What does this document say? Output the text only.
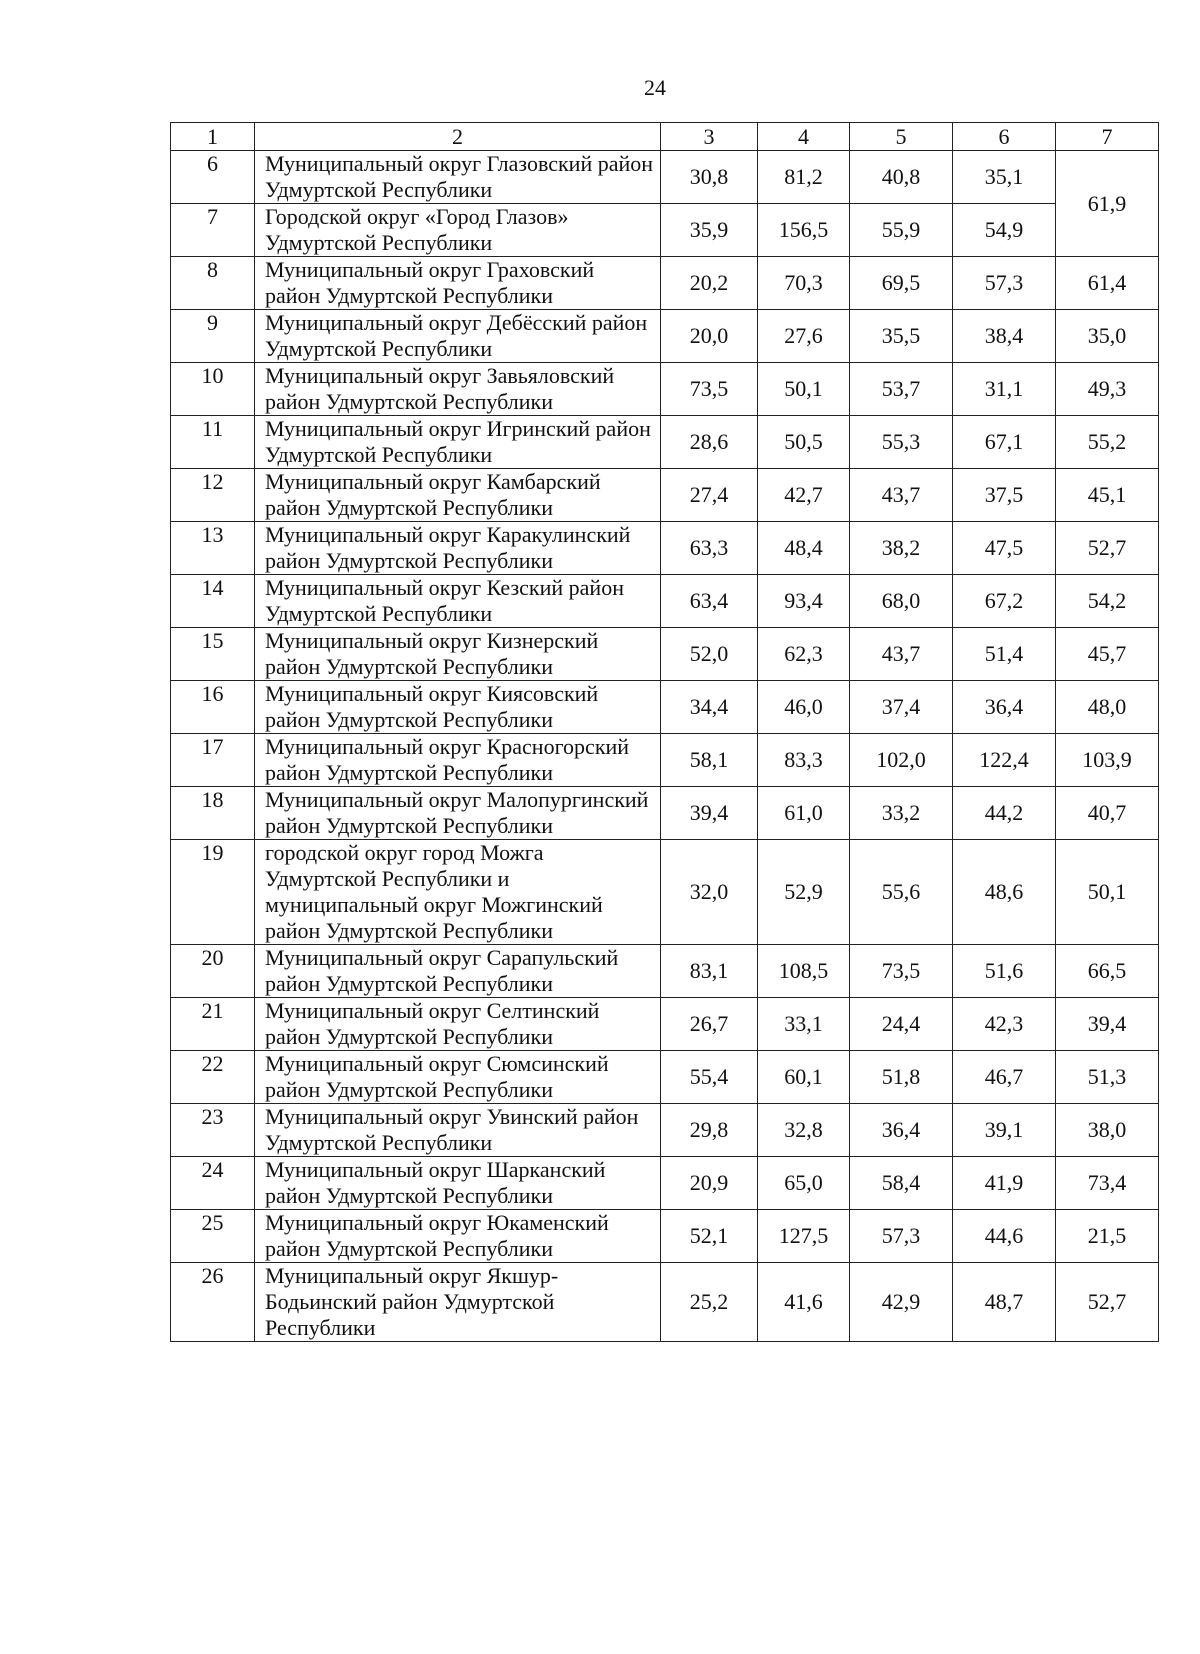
24
1	2	3	4	5	6	7
6	Муниципальный округ Глазовский район Удмуртской Республики	30,8	81,2	40,8	35,1	61,9
7	Городской округ «Город Глазов» Удмуртской Республики	35,9	156,5	55,9	54,9	
8	Муниципальный округ Граховский район Удмуртской Республики	20,2	70,3	69,5	57,3	61,4
9	Муниципальный округ Дебёсский район Удмуртской Республики	20,0	27,6	35,5	38,4	35,0
10	Муниципальный округ Завьяловский район Удмуртской Республики	73,5	50,1	53,7	31,1	49,3
11	Муниципальный округ Игринский район Удмуртской Республики	28,6	50,5	55,3	67,1	55,2
12	Муниципальный округ Камбарский район Удмуртской Республики	27,4	42,7	43,7	37,5	45,1
13	Муниципальный округ Каракулинский район Удмуртской Республики	63,3	48,4	38,2	47,5	52,7
14	Муниципальный округ Кезский район Удмуртской Республики	63,4	93,4	68,0	67,2	54,2
15	Муниципальный округ Кизнерский район Удмуртской Республики	52,0	62,3	43,7	51,4	45,7
16	Муниципальный округ Киясовский район Удмуртской Республики	34,4	46,0	37,4	36,4	48,0
17	Муниципальный округ Красногорский район Удмуртской Республики	58,1	83,3	102,0	122,4	103,9
18	Муниципальный округ Малопургинский район Удмуртской Республики	39,4	61,0	33,2	44,2	40,7
19	городской округ город Можга Удмуртской Республики и муниципальный округ Можгинский район Удмуртской Республики	32,0	52,9	55,6	48,6	50,1
20	Муниципальный округ Сарапульский район Удмуртской Республики	83,1	108,5	73,5	51,6	66,5
21	Муниципальный округ Селтинский район Удмуртской Республики	26,7	33,1	24,4	42,3	39,4
22	Муниципальный округ Сюмсинский район Удмуртской Республики	55,4	60,1	51,8	46,7	51,3
23	Муниципальный округ Увинский район Удмуртской Республики	29,8	32,8	36,4	39,1	38,0
24	Муниципальный округ Шарканский район Удмуртской Республики	20,9	65,0	58,4	41,9	73,4
25	Муниципальный округ Юкаменский район Удмуртской Республики	52,1	127,5	57,3	44,6	21,5
26	Муниципальный округ Якшур-Бодьинский район Удмуртской Республики	25,2	41,6	42,9	48,7	52,7
